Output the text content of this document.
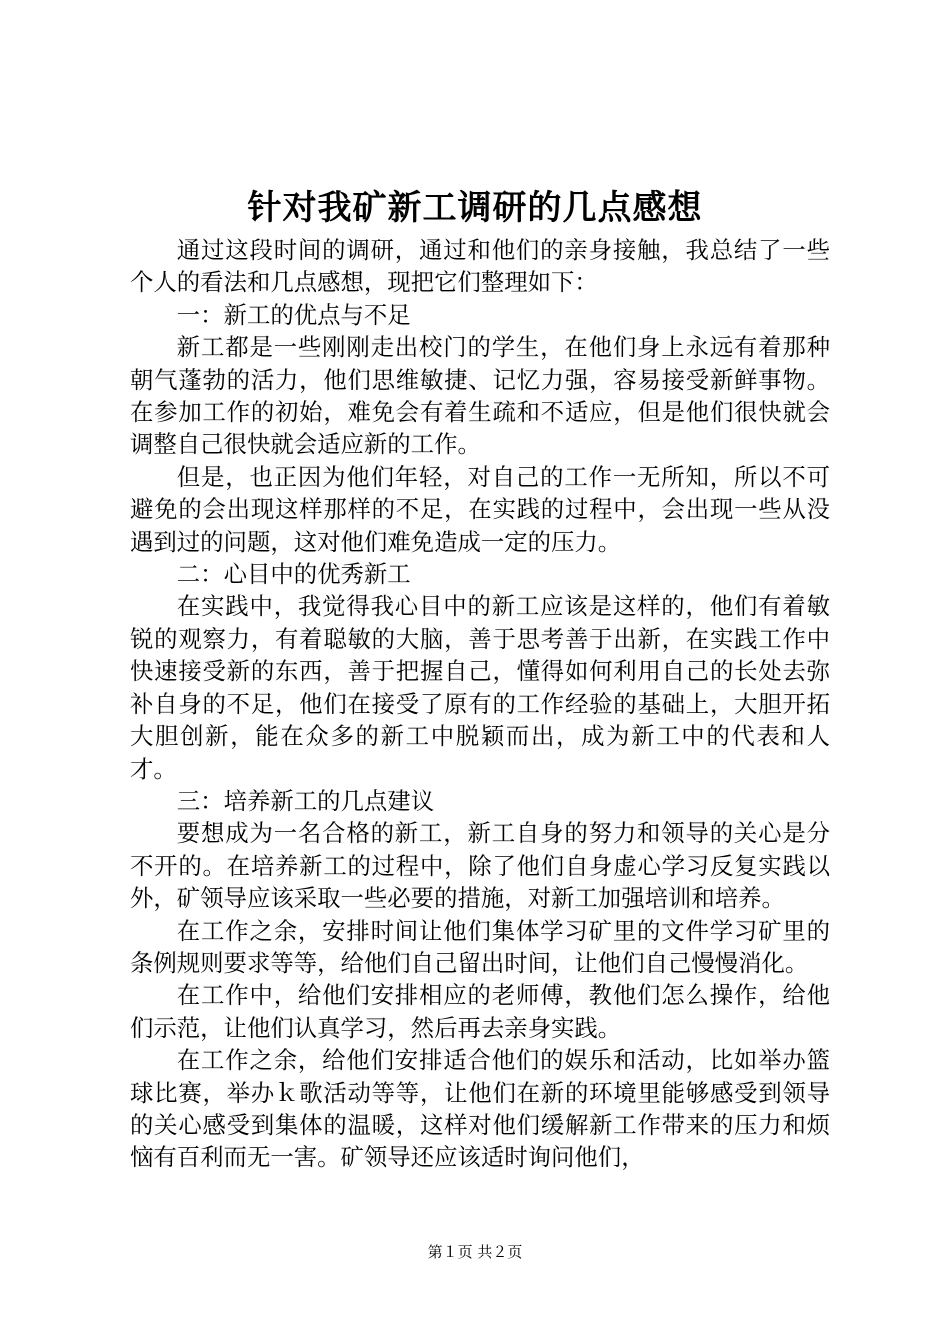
针对我矿新工调研的几点感想

通过这段时间的调研，通过和他们的亲身接触，我总结了一些个人的看法和几点感想，现把它们整理如下：

一：新工的优点与不足

新工都是一些刚刚走出校门的学生，在他们身上永远有着那种朝气蓬勃的活力，他们思维敏捷、记忆力强，容易接受新鲜事物。在参加工作的初始，难免会有着生疏和不适应，但是他们很快就会调整自己很快就会适应新的工作。

但是，也正因为他们年轻，对自己的工作一无所知，所以不可避免的会出现这样那样的不足，在实践的过程中，会出现一些从没遇到过的问题，这对他们难免造成一定的压力。

二：心目中的优秀新工

在实践中，我觉得我心目中的新工应该是这样的，他们有着敏锐的观察力，有着聪敏的大脑，善于思考善于出新，在实践工作中快速接受新的东西，善于把握自己，懂得如何利用自己的长处去弥补自身的不足，他们在接受了原有的工作经验的基础上，大胆开拓大胆创新，能在众多的新工中脱颖而出，成为新工中的代表和人才。

三：培养新工的几点建议

要想成为一名合格的新工，新工自身的努力和领导的关心是分不开的。在培养新工的过程中，除了他们自身虚心学习反复实践以外，矿领导应该采取一些必要的措施，对新工加强培训和培养。

在工作之余，安排时间让他们集体学习矿里的文件学习矿里的条例规则要求等等，给他们自己留出时间，让他们自己慢慢消化。

在工作中，给他们安排相应的老师傅，教他们怎么操作，给他们示范，让他们认真学习，然后再去亲身实践。

在工作之余，给他们安排适合他们的娱乐和活动，比如举办篮球比赛，举办ｋ歌活动等等，让他们在新的环境里能够感受到领导的关心感受到集体的温暖，这样对他们缓解新工作带来的压力和烦恼有百利而无一害。矿领导还应该适时询问他们，

第１页 共２页
